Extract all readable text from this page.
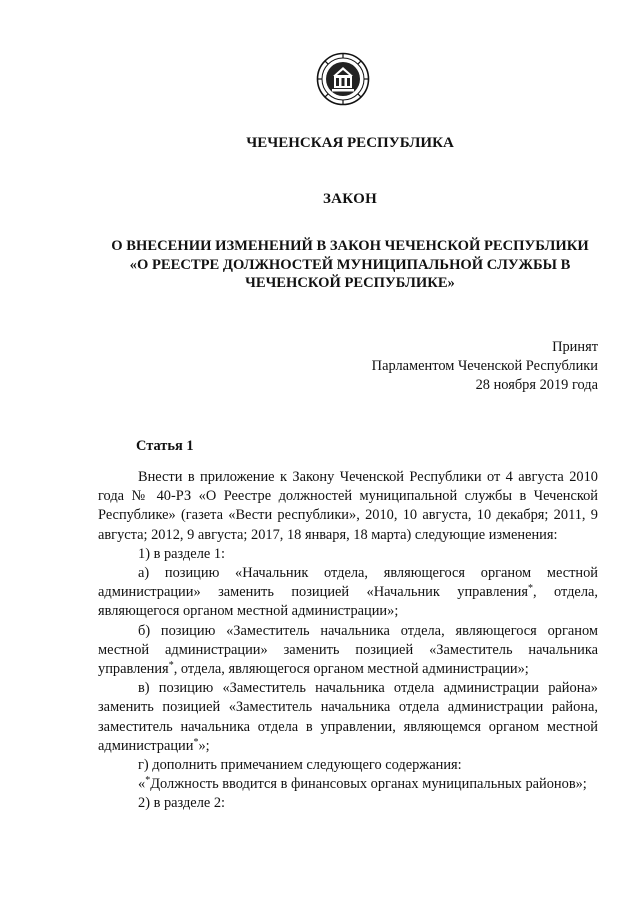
ЧЕЧЕНСКАЯ РЕСПУБЛИКА
ЗАКОН
О ВНЕСЕНИИ ИЗМЕНЕНИЙ В ЗАКОН ЧЕЧЕНСКОЙ РЕСПУБЛИКИ
«О РЕЕСТРЕ ДОЛЖНОСТЕЙ МУНИЦИПАЛЬНОЙ СЛУЖБЫ В
ЧЕЧЕНСКОЙ РЕСПУБЛИКЕ»
Принят
Парламентом Чеченской Республики
28 ноября 2019 года
Статья 1

Внести в приложение к Закону Чеченской Республики от 4 августа 2010 года № 40-РЗ «О Реестре должностей муниципальной службы в Чеченской Республике» (газета «Вести республики», 2010, 10 августа, 10 декабря; 2011, 9 августа; 2012, 9 августа; 2017, 18 января, 18 марта) следующие изменения:

1) в разделе 1:

а) позицию «Начальник отдела, являющегося органом местной администрации» заменить позицией «Начальник управления*, отдела, являющегося органом местной администрации»;

б) позицию «Заместитель начальника отдела, являющегося органом местной администрации» заменить позицией «Заместитель начальника управления*, отдела, являющегося органом местной администрации»;

в) позицию «Заместитель начальника отдела администрации района» заменить позицией «Заместитель начальника отдела администрации района, заместитель начальника отдела в управлении, являющемся органом местной администрации*»;

г) дополнить примечанием следующего содержания:

«*Должность вводится в финансовых органах муниципальных районов»;

2) в разделе 2:
